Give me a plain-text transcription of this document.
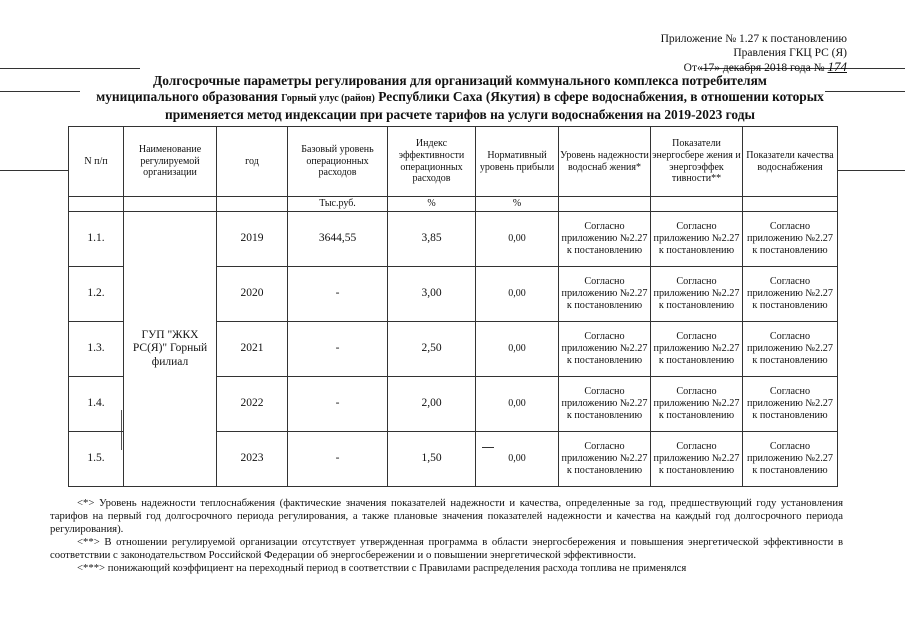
Приложение № 1.27 к постановлению
Правления ГКЦ РС (Я)
От«17» декабря 2018 года № 174
Долгосрочные параметры регулирования для организаций коммунального комплекса потребителям
муниципального образования Горный улус (район) Республики Саха (Якутия) в сфере водоснабжения, в отношении которых
применяется метод индексации при расчете тарифов на услуги водоснабжения на 2019-2023 годы
N п/п	Наименование регулируемой организации	год	Базовый уровень операционных расходов	Индекс эффективности операционных расходов	Нормативный уровень прибыли	Уровень надежности водоснаб жения*	Показатели энергосбере жения и энергоэффек тивности**	Показатели качества водоснабжения
			Тыс.руб.	%	%			
1.1.	ГУП "ЖКХ РС(Я)" Горный филиал	2019	3644,55	3,85	0,00	Согласно приложению №2.27 к постановлению	Согласно приложению №2.27 к постановлению	Согласно приложению №2.27 к постановлению
1.2.		2020	-	3,00	0,00	Согласно приложению №2.27 к постановлению	Согласно приложению №2.27 к постановлению	Согласно приложению №2.27 к постановлению
1.3.		2021	-	2,50	0,00	Согласно приложению №2.27 к постановлению	Согласно приложению №2.27 к постановлению	Согласно приложению №2.27 к постановлению
1.4.		2022	-	2,00	0,00	Согласно приложению №2.27 к постановлению	Согласно приложению №2.27 к постановлению	Согласно приложению №2.27 к постановлению
1.5.		2023	-	1,50	0,00	Согласно приложению №2.27 к постановлению	Согласно приложению №2.27 к постановлению	Согласно приложению №2.27 к постановлению

<*> Уровень надежности теплоснабжения (фактические значения показателей надежности и качества, определенные за год, предшествующий году установления тарифов на первый год долгосрочного периода регулирования, а также плановые значения показателей надежности и качества на каждый год долгосрочного периода регулирования).

<**> В отношении регулируемой организации отсутствует утвержденная программа в области энергосбережения и повышения энергетической эффективности в соответствии с законодательством Российской Федерации об энергосбережении и о повышении энергетической эффективности.

<***> понижающий коэффициент на переходный период в соответствии с Правилами распределения расхода топлива не применялся
